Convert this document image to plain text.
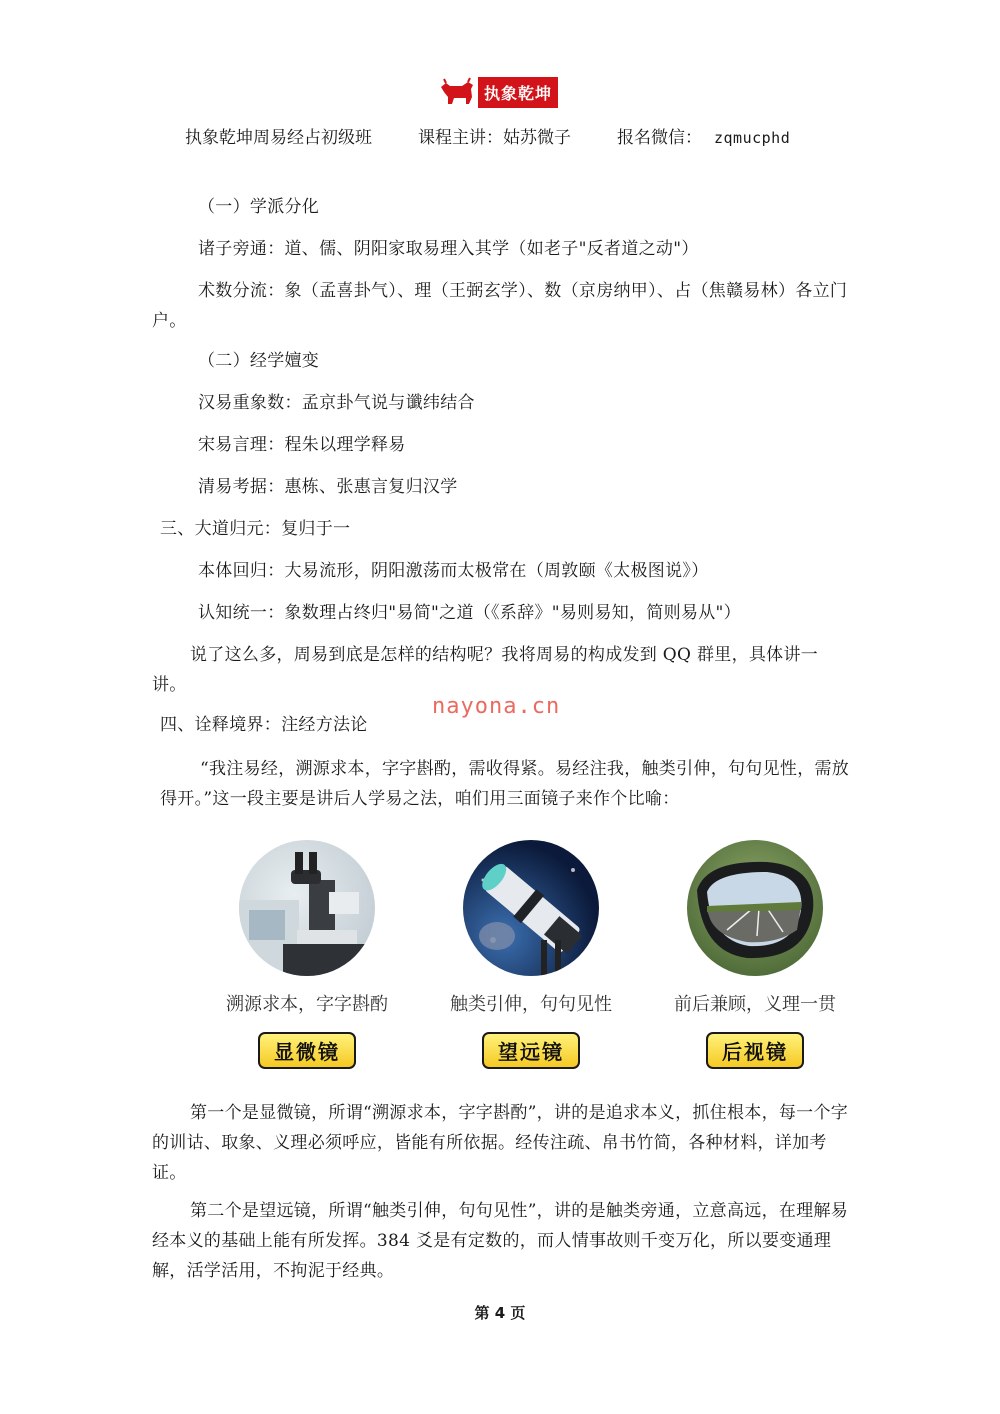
执象乾坤
执象乾坤周易经占初级班	课程主讲：姑苏微子	报名微信： zqmucphd

（一）学派分化

诸子旁通：道、儒、阴阳家取易理入其学（如老子"反者道之动"）

术数分流：象（孟喜卦气）、理（王弼玄学）、数（京房纳甲）、占（焦赣易林）各立门户。

（二）经学嬗变

汉易重象数：孟京卦气说与谶纬结合

宋易言理：程朱以理学释易

清易考据：惠栋、张惠言复归汉学

三、大道归元：复归于一

本体回归：大易流形，阴阳激荡而太极常在（周敦颐《太极图说》）

认知统一：象数理占终归"易简"之道（《系辞》"易则易知，简则易从"）

说了这么多，周易到底是怎样的结构呢？我将周易的构成发到 QQ 群里，具体讲一讲。

nayona.cn

四、诠释境界：注经方法论

“我注易经，溯源求本，字字斟酌，需收得紧。易经注我，触类引伸，句句见性，需放得开。”这一段主要是讲后人学易之法，咱们用三面镜子来作个比喻：

溯源求本，字字斟酌
显微镜
触类引伸，句句见性
望远镜
前后兼顾，义理一贯
后视镜

第一个是显微镜，所谓“溯源求本，字字斟酌”，讲的是追求本义，抓住根本，每一个字的训诂、取象、义理必须呼应，皆能有所依据。经传注疏、帛书竹简，各种材料，详加考证。

第二个是望远镜，所谓“触类引伸，句句见性”，讲的是触类旁通，立意高远，在理解易经本义的基础上能有所发挥。384 爻是有定数的，而人情事故则千变万化，所以要变通理解，活学活用，不拘泥于经典。

第 4 页
